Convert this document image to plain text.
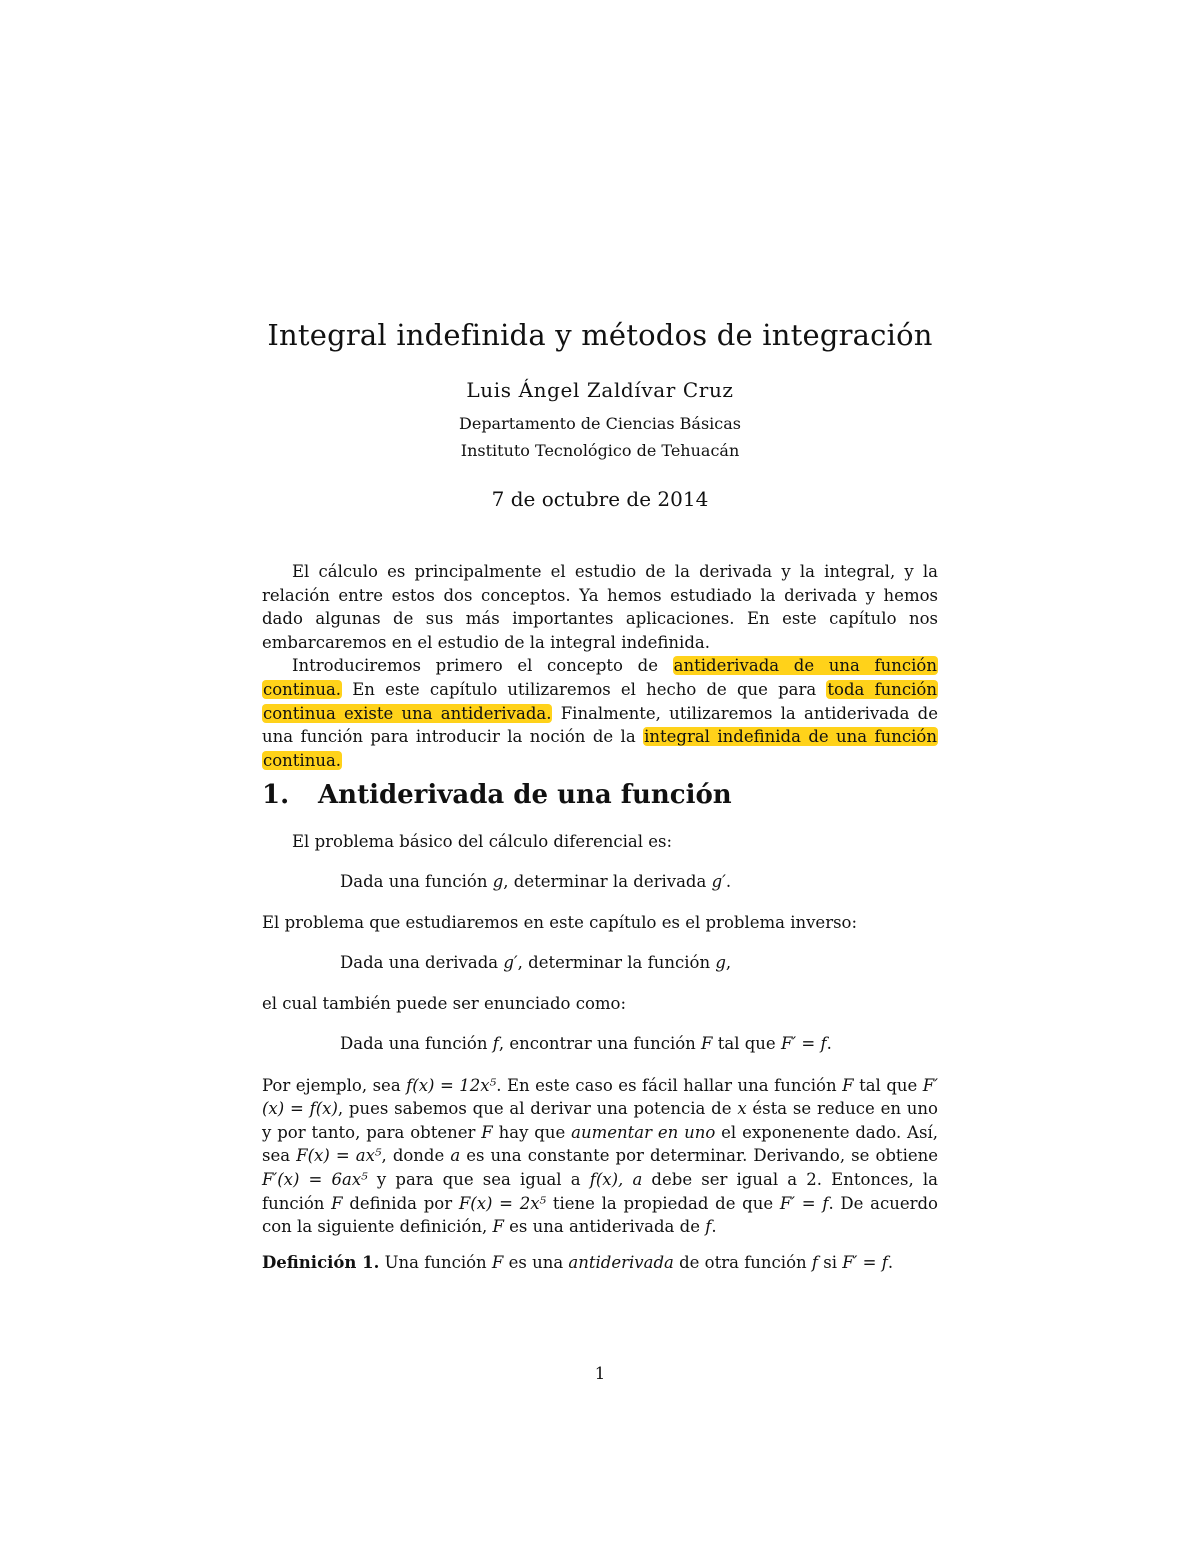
Integral indefinida y métodos de integración
Luis Ángel Zaldívar Cruz
Departamento de Ciencias Básicas
Instituto Tecnológico de Tehuacán
7 de octubre de 2014

El cálculo es principalmente el estudio de la derivada y la integral, y la relación entre estos dos conceptos. Ya hemos estudiado la derivada y hemos dado algunas de sus más importantes aplicaciones. En este capítulo nos embarcaremos en el estudio de la integral indefinida.

Introduciremos primero el concepto de antiderivada de una función continua. En este capítulo utilizaremos el hecho de que para toda función continua existe una antiderivada. Finalmente, utilizaremos la antiderivada de una función para introducir la noción de la integral indefinida de una función continua.

1. Antiderivada de una función

El problema básico del cálculo diferencial es:

Dada una función g, determinar la derivada g′.

El problema que estudiaremos en este capítulo es el problema inverso:

Dada una derivada g′, determinar la función g,

el cual también puede ser enunciado como:

Dada una función f, encontrar una función F tal que F′ = f.

Por ejemplo, sea f(x) = 12x⁵. En este caso es fácil hallar una función F tal que F′(x) = f(x), pues sabemos que al derivar una potencia de x ésta se reduce en uno y por tanto, para obtener F hay que aumentar en uno el exponenente dado. Así, sea F(x) = ax⁵, donde a es una constante por determinar. Derivando, se obtiene F′(x) = 6ax⁵ y para que sea igual a f(x), a debe ser igual a 2. Entonces, la función F definida por F(x) = 2x⁵ tiene la propiedad de que F′ = f. De acuerdo con la siguiente definición, F es una antiderivada de f.

Definición 1. Una función F es una antiderivada de otra función f si F′ = f.

1
